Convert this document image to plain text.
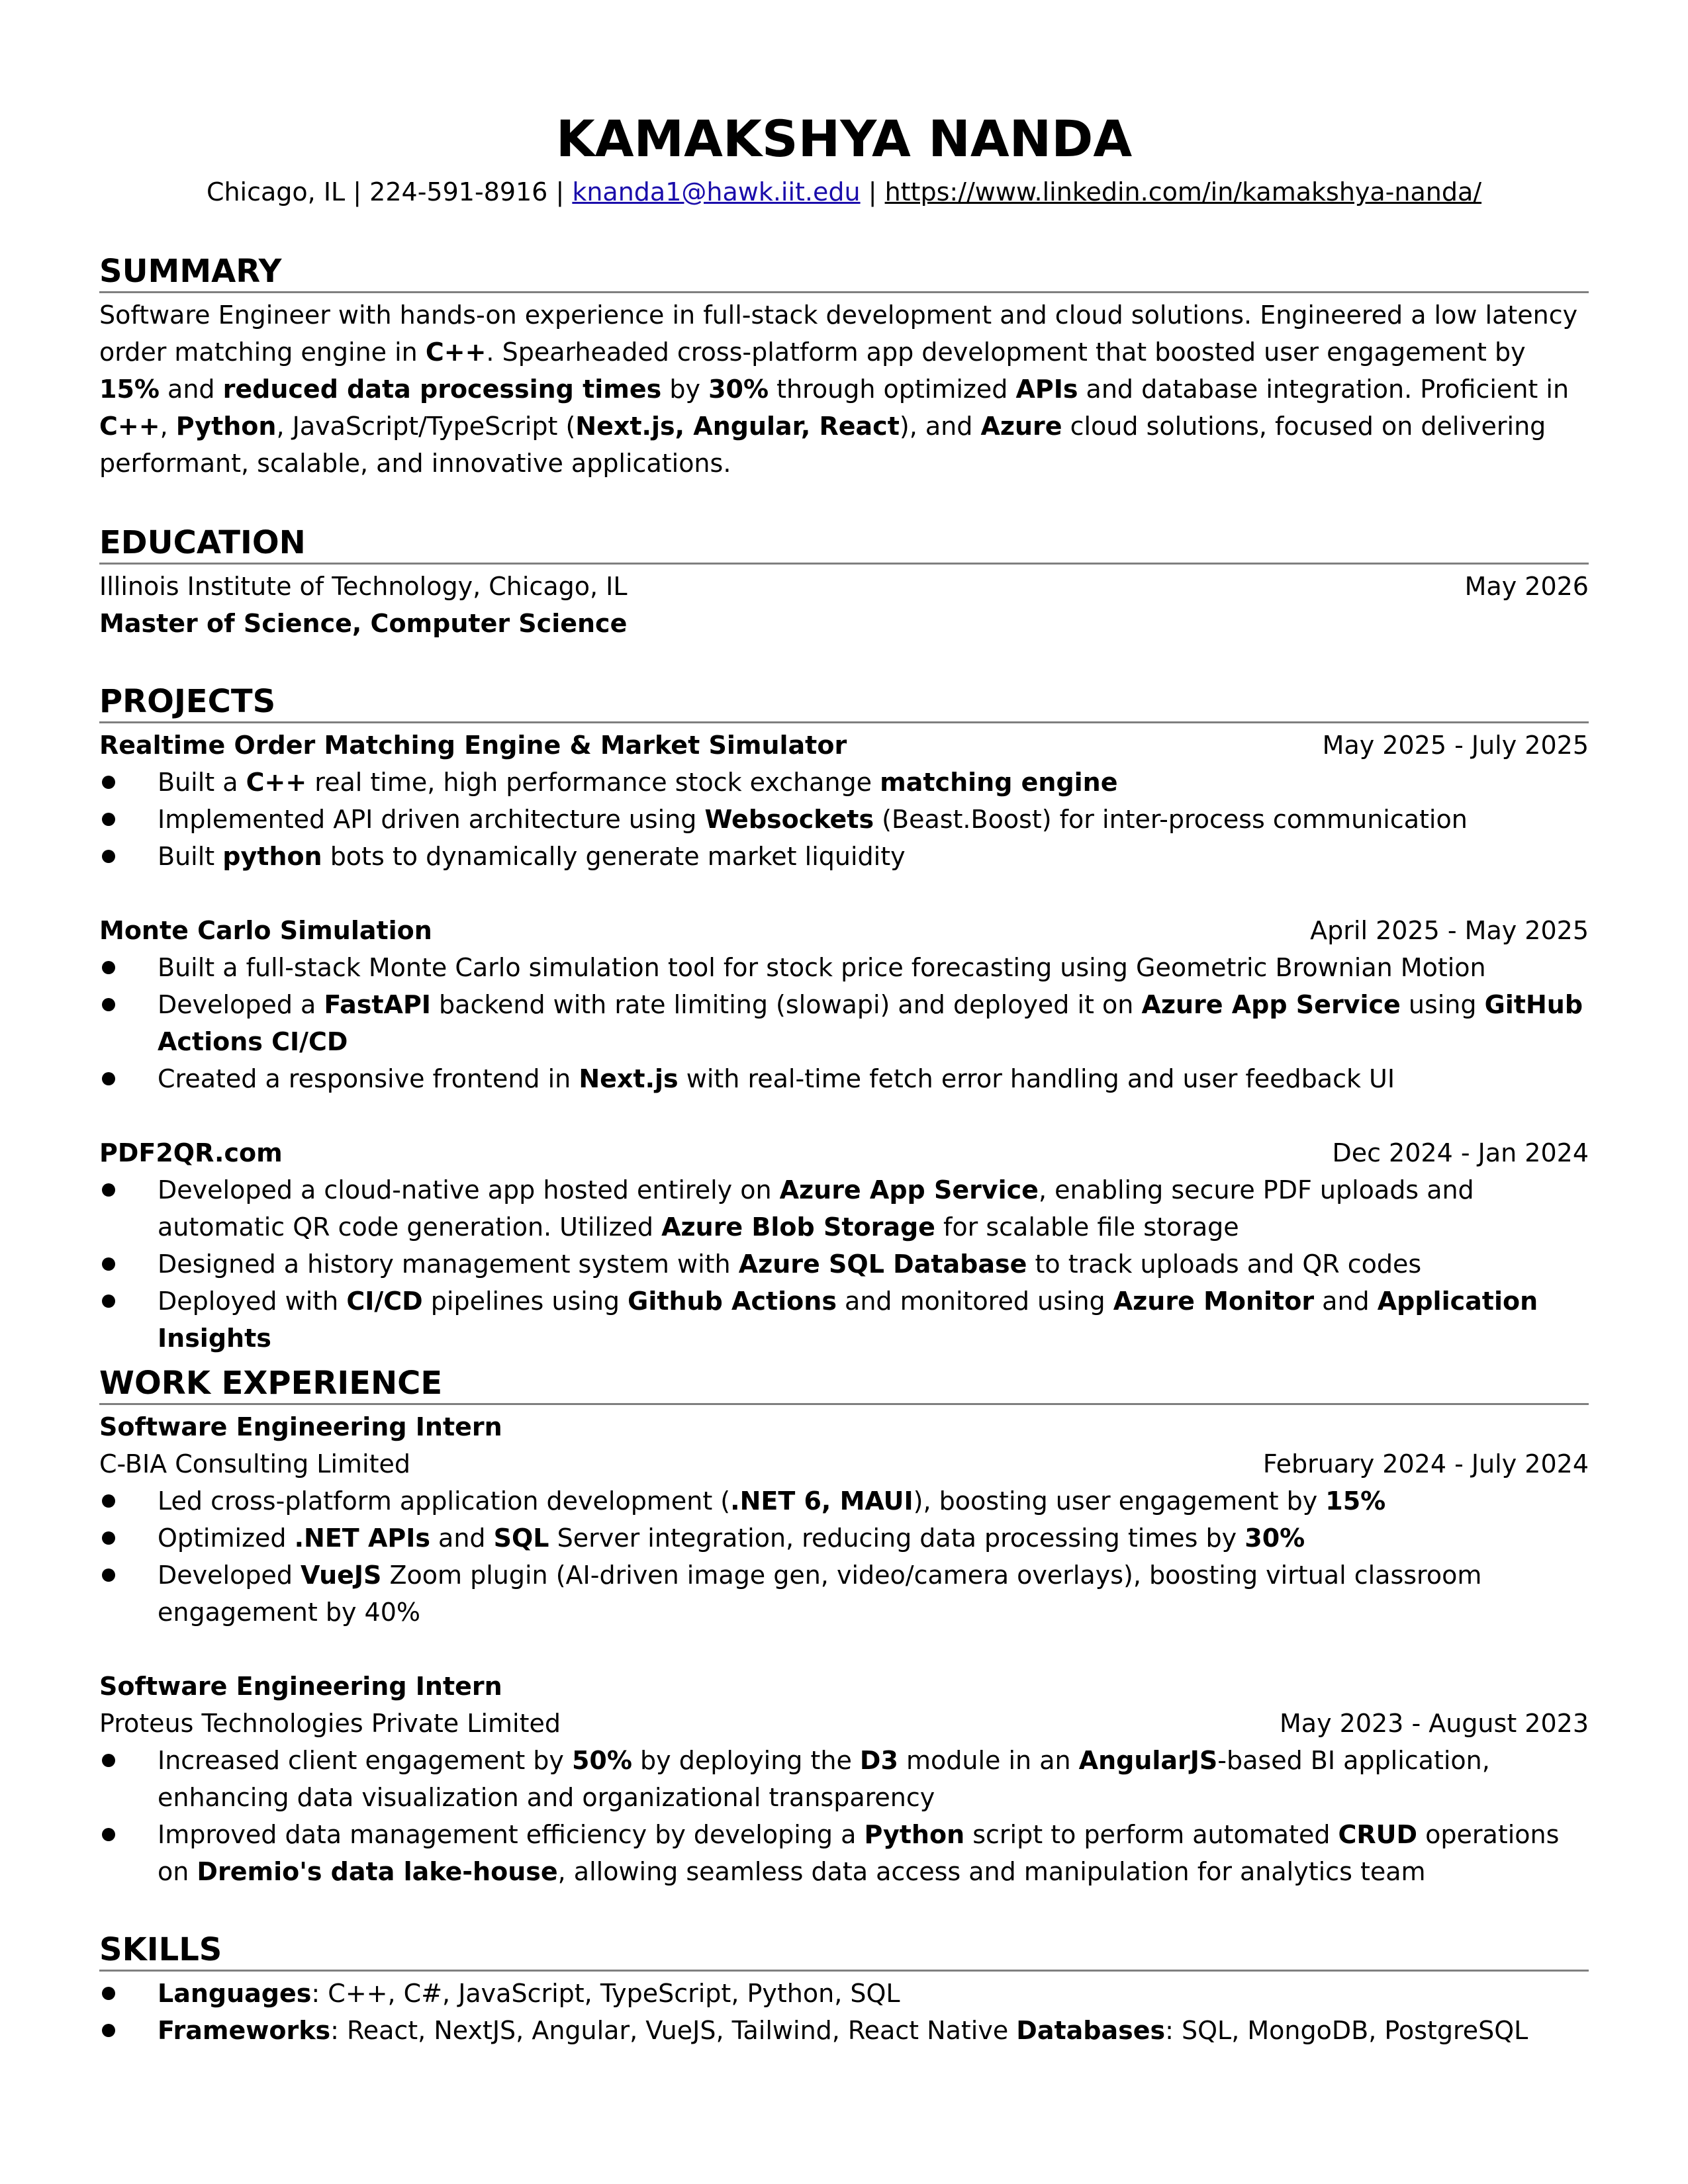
KAMAKSHYA NANDA
Chicago, IL | 224-591-8916 | knanda1@hawk.iit.edu | https://www.linkedin.com/in/kamakshya-nanda/
SUMMARY
Software Engineer with hands-on experience in full-stack development and cloud solutions. Engineered a low latency order matching engine in C++. Spearheaded cross-platform app development that boosted user engagement by 15% and reduced data processing times by 30% through optimized APIs and database integration. Proficient in C++, Python, JavaScript/TypeScript (Next.js, Angular, React), and Azure cloud solutions, focused on delivering performant, scalable, and innovative applications.
EDUCATION
Illinois Institute of Technology, Chicago, IL	May 2026
Master of Science, Computer Science
PROJECTS
Realtime Order Matching Engine & Market Simulator	May 2025 - July 2025
Built a C++ real time, high performance stock exchange matching engine
Implemented API driven architecture using Websockets (Beast.Boost) for inter-process communication
Built python bots to dynamically generate market liquidity
Monte Carlo Simulation	April 2025 - May 2025
Built a full-stack Monte Carlo simulation tool for stock price forecasting using Geometric Brownian Motion
Developed a FastAPI backend with rate limiting (slowapi) and deployed it on Azure App Service using GitHub Actions CI/CD
Created a responsive frontend in Next.js with real-time fetch error handling and user feedback UI
PDF2QR.com	Dec 2024 - Jan 2024
Developed a cloud-native app hosted entirely on Azure App Service, enabling secure PDF uploads and automatic QR code generation. Utilized Azure Blob Storage for scalable file storage
Designed a history management system with Azure SQL Database to track uploads and QR codes
Deployed with CI/CD pipelines using Github Actions and monitored using Azure Monitor and Application Insights
WORK EXPERIENCE
Software Engineering Intern
C-BIA Consulting Limited	February 2024 - July 2024
Led cross-platform application development (.NET 6, MAUI), boosting user engagement by 15%
Optimized .NET APIs and SQL Server integration, reducing data processing times by 30%
Developed VueJS Zoom plugin (AI-driven image gen, video/camera overlays), boosting virtual classroom engagement by 40%
Software Engineering Intern
Proteus Technologies Private Limited	May 2023 - August 2023
Increased client engagement by 50% by deploying the D3 module in an AngularJS-based BI application, enhancing data visualization and organizational transparency
Improved data management efficiency by developing a Python script to perform automated CRUD operations on Dremio's data lake-house, allowing seamless data access and manipulation for analytics team
SKILLS
Languages: C++, C#, JavaScript, TypeScript, Python, SQL
Frameworks: React, NextJS, Angular, VueJS, Tailwind, React Native Databases: SQL, MongoDB, PostgreSQL
